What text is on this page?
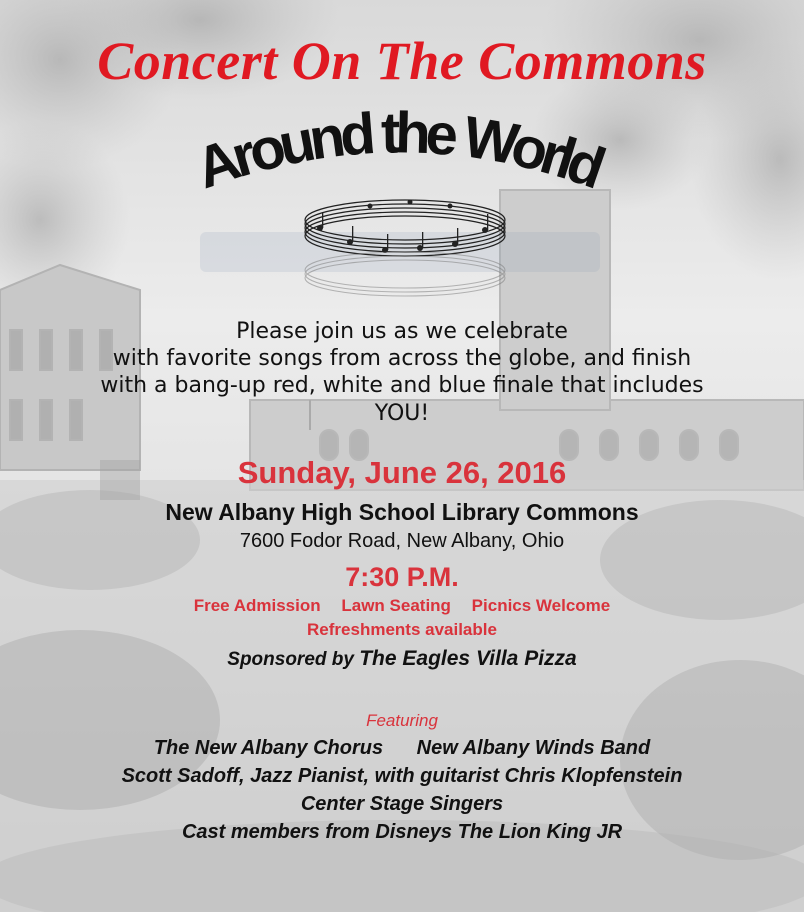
Concert On The Commons
Around the World

Please join us as we celebrate

with favorite songs from across the globe, and finish

with a bang-up red, white and blue finale that includes

YOU!

Sunday, June 26, 2016

New Albany High School Library Commons

7600 Fodor Road, New Albany, Ohio

7:30 P.M.

Free Admission Lawn Seating Picnics Welcome

Refreshments available

Sponsored by The Eagles Villa Pizza

Featuring

The New Albany Chorus New Albany Winds Band

Scott Sadoff, Jazz Pianist, with guitarist Chris Klopfenstein

Center Stage Singers

Cast members from Disneys The Lion King JR
